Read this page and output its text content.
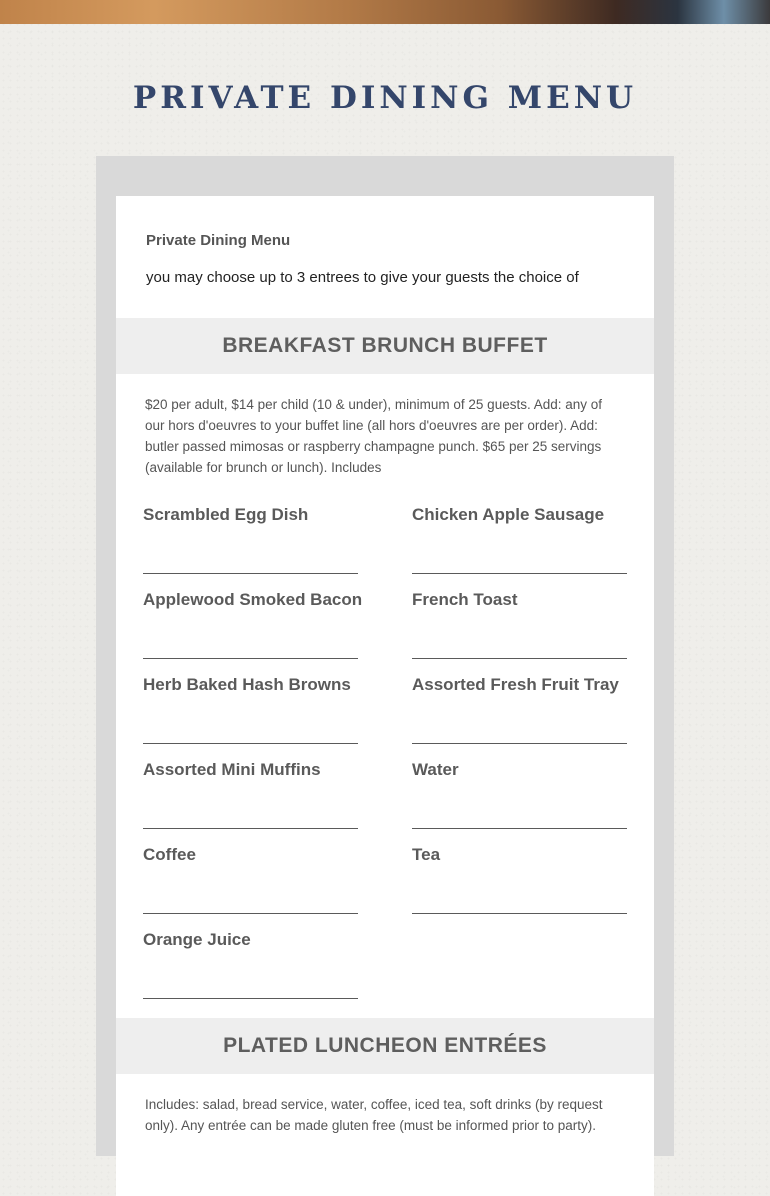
PRIVATE DINING MENU
Private Dining Menu
you may choose up to 3 entrees to give your guests the choice of
BREAKFAST BRUNCH BUFFET
$20 per adult, $14 per child (10 & under), minimum of 25 guests. Add: any of our hors d'oeuvres to your buffet line (all hors d'oeuvres are per order). Add: butler passed mimosas or raspberry champagne punch. $65 per 25 servings (available for brunch or lunch). Includes
Scrambled Egg Dish	Chicken Apple Sausage
Applewood Smoked Bacon	French Toast
Herb Baked Hash Browns	Assorted Fresh Fruit Tray
Assorted Mini Muffins	Water
Coffee	Tea
Orange Juice
PLATED LUNCHEON ENTRÉES
Includes: salad, bread service, water, coffee, iced tea, soft drinks (by request only). Any entrée can be made gluten free (must be informed prior to party).
